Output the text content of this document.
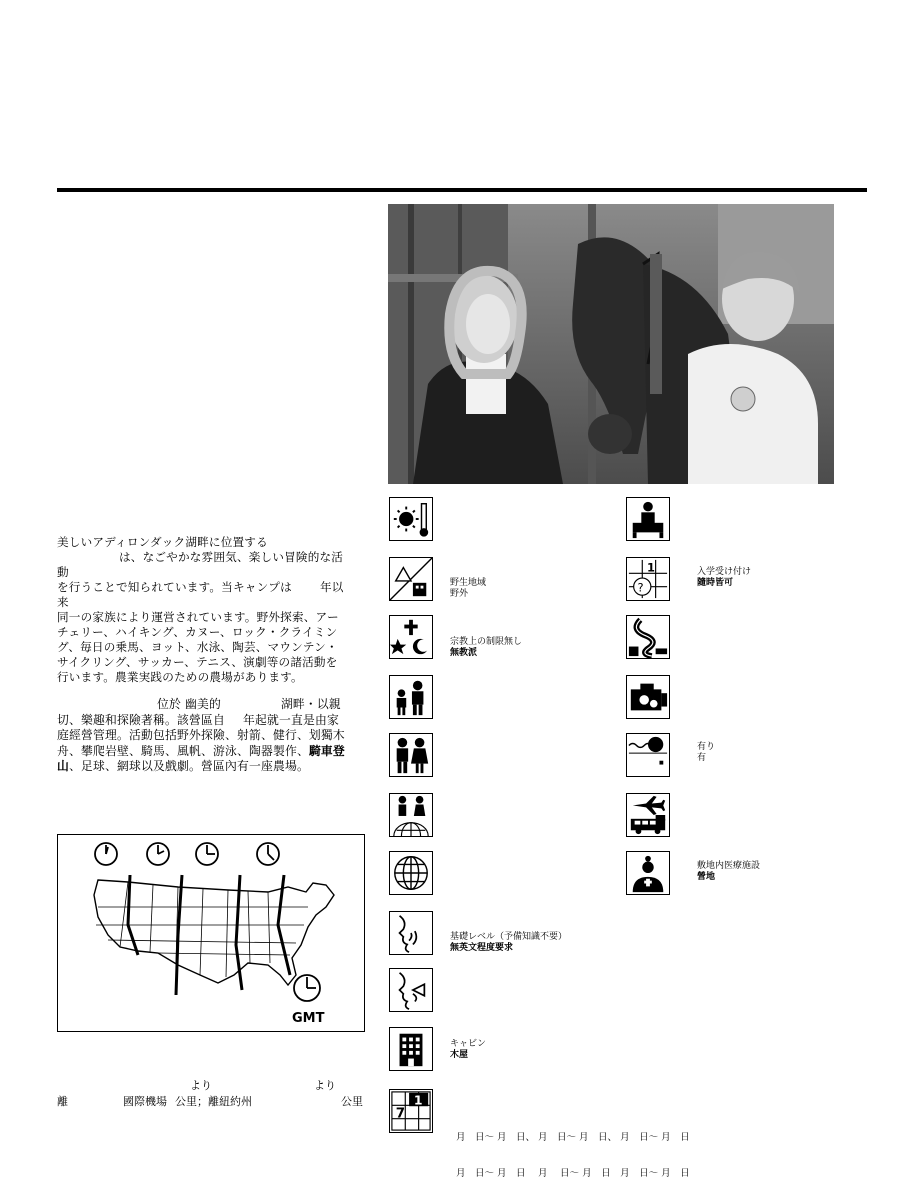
美しいアディロンダック湖畔に位置する

は、なごやかな雰囲気、楽しい冒険的な活動

を行うことで知られています。当キャンプは 年以来

同一の家族により運営されています。野外探索、アーチェリー、ハイキング、カヌー、ロック・クライミング、毎日の乗馬、ヨット、水泳、陶芸、マウンテン・サイクリング、サッカー、テニス、演劇等の諸活動を行います。農業実践のための農場があります。

位於 幽美的	湖畔・以親
切、樂趣和探險著稱。該營區自 年起就一直是由家庭經營管理。活動包括野外探險、射箭、健行、划獨木舟、攀爬岩壁、騎馬、風帆、游泳、陶器製作、騎車登山、足球、網球以及戲劇。營區內有一座農場。

GMT
より	より
離	國際機場 公里；離紐約州	公里
野生地域
野外
宗教上の制限無し
無教派
基礎レベル（予備知識不要）
無英文程度要求
キャビン
木屋
1
7

月　日～ 月　日、 月　日～ 月　日、 月　日～ 月　日

月　日～ 月　日　 月　 日～ 月　日　月　日～ 月　日

1
?
入学受け付け
隨時皆可
有り
有
敷地内医療施設
營地
